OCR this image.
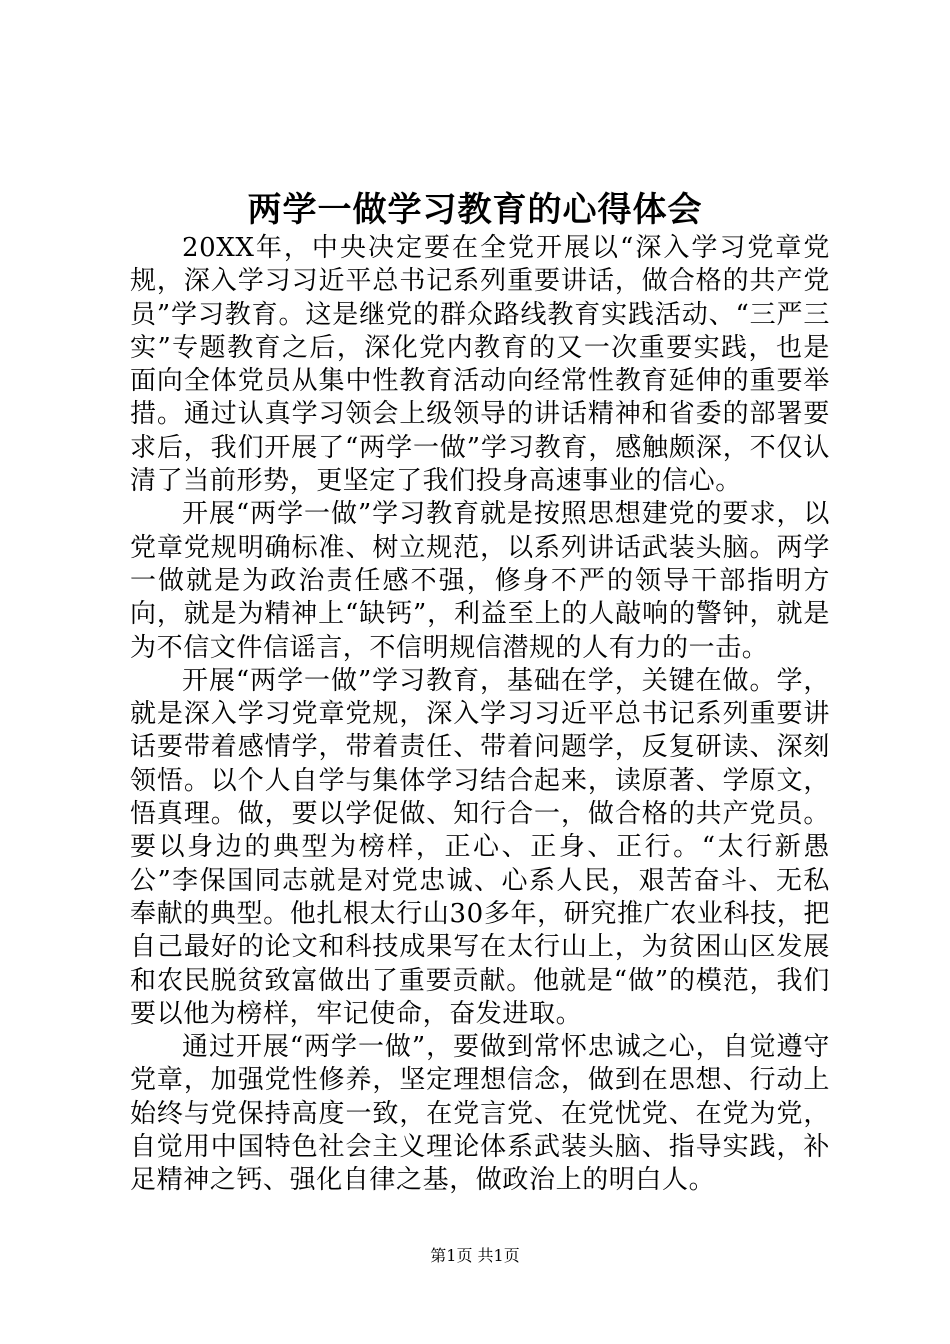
两学一做学习教育的心得体会

20XX年，中央决定要在全党开展以“深入学习党章党规，深入学习习近平总书记系列重要讲话，做合格的共产党员”学习教育。这是继党的群众路线教育实践活动、“三严三实”专题教育之后，深化党内教育的又一次重要实践，也是面向全体党员从集中性教育活动向经常性教育延伸的重要举措。通过认真学习领会上级领导的讲话精神和省委的部署要求后，我们开展了“两学一做”学习教育，感触颇深，不仅认清了当前形势，更坚定了我们投身高速事业的信心。

开展“两学一做”学习教育就是按照思想建党的要求，以党章党规明确标准、树立规范，以系列讲话武装头脑。两学一做就是为政治责任感不强，修身不严的领导干部指明方向，就是为精神上“缺钙”，利益至上的人敲响的警钟，就是为不信文件信谣言，不信明规信潜规的人有力的一击。

开展“两学一做”学习教育，基础在学，关键在做。学，就是深入学习党章党规，深入学习习近平总书记系列重要讲话要带着感情学，带着责任、带着问题学，反复研读、深刻领悟。以个人自学与集体学习结合起来，读原著、学原文，悟真理。做，要以学促做、知行合一，做合格的共产党员。要以身边的典型为榜样，正心、正身、正行。“太行新愚公”李保国同志就是对党忠诚、心系人民，艰苦奋斗、无私奉献的典型。他扎根太行山30多年，研究推广农业科技，把自己最好的论文和科技成果写在太行山上，为贫困山区发展和农民脱贫致富做出了重要贡献。他就是“做”的模范，我们要以他为榜样，牢记使命，奋发进取。

通过开展“两学一做”，要做到常怀忠诚之心，自觉遵守党章，加强党性修养，坚定理想信念，做到在思想、行动上始终与党保持高度一致，在党言党、在党忧党、在党为党，自觉用中国特色社会主义理论体系武装头脑、指导实践，补足精神之钙、强化自律之基，做政治上的明白人。

第1页 共1页
